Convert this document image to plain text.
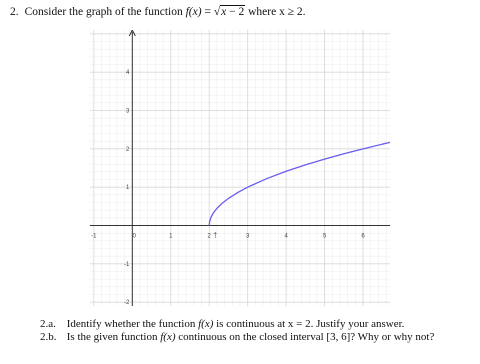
2. Consider the graph of the function f(x) = √x − 2 where x ≥ 2.
-1	0	1	2	3	4	5	6
-2
-1
1
2
3
4
†
2.a. Identify whether the function f(x) is continuous at x = 2. Justify your answer.
2.b. Is the given function f(x) continuous on the closed interval [3, 6]? Why or why not?
